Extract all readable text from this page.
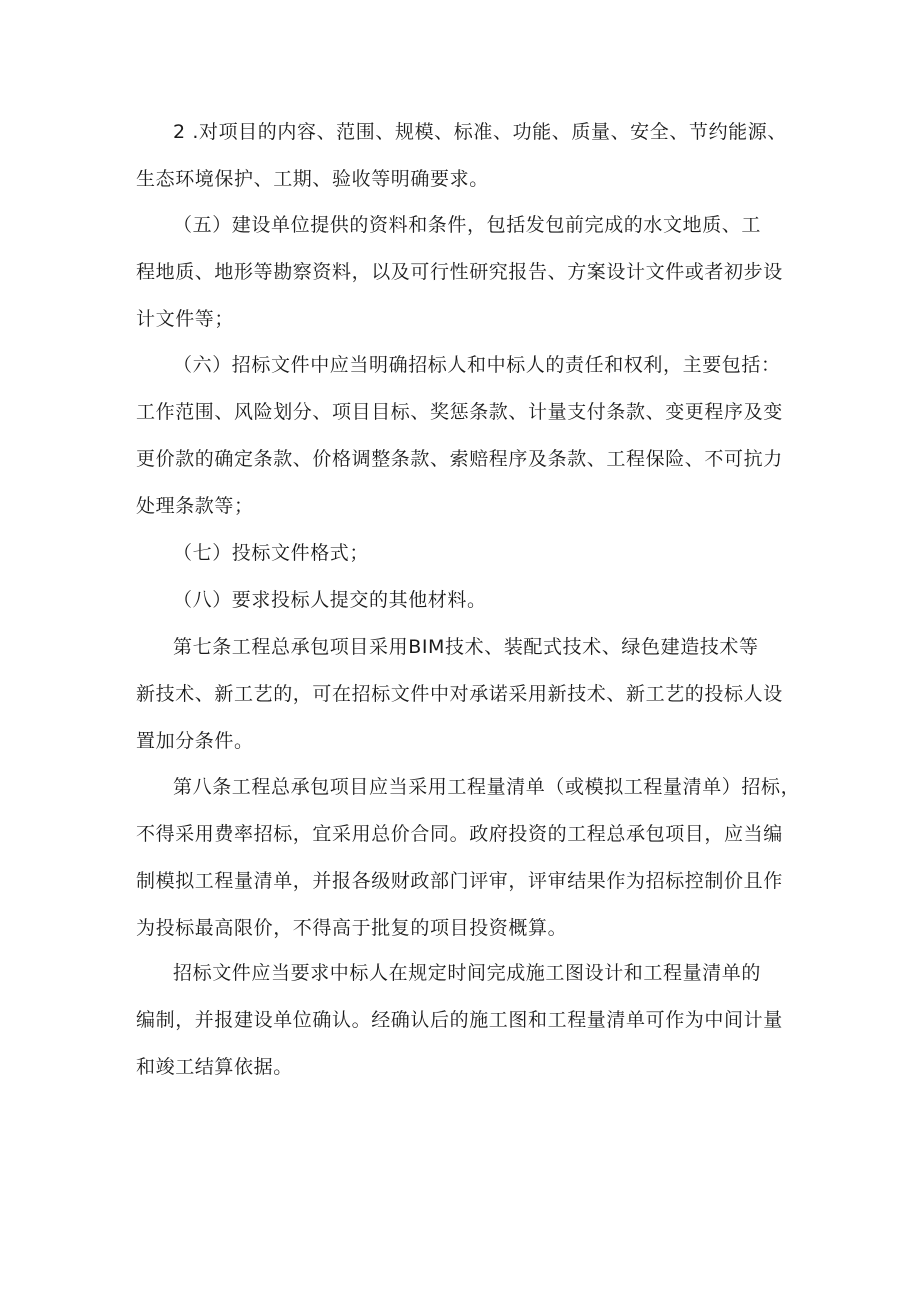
2 .对项目的内容、范围、规模、标准、功能、质量、安全、节约能源、
生态环境保护、工期、验收等明确要求。

（五）建设单位提供的资料和条件，包括发包前完成的水文地质、工
程地质、地形等勘察资料，以及可行性研究报告、方案设计文件或者初步设
计文件等；

（六）招标文件中应当明确招标人和中标人的责任和权利，主要包括：
工作范围、风险划分、项目目标、奖惩条款、计量支付条款、变更程序及变
更价款的确定条款、价格调整条款、索赔程序及条款、工程保险、不可抗力
处理条款等；

（七）投标文件格式；

（八）要求投标人提交的其他材料。

第七条工程总承包项目采用BIM技术、装配式技术、绿色建造技术等
新技术、新工艺的，可在招标文件中对承诺采用新技术、新工艺的投标人设
置加分条件。

第八条工程总承包项目应当采用工程量清单（或模拟工程量清单）招标，
不得采用费率招标，宜采用总价合同。政府投资的工程总承包项目，应当编
制模拟工程量清单，并报各级财政部门评审，评审结果作为招标控制价且作
为投标最高限价，不得高于批复的项目投资概算。

招标文件应当要求中标人在规定时间完成施工图设计和工程量清单的
编制，并报建设单位确认。经确认后的施工图和工程量清单可作为中间计量
和竣工结算依据。
